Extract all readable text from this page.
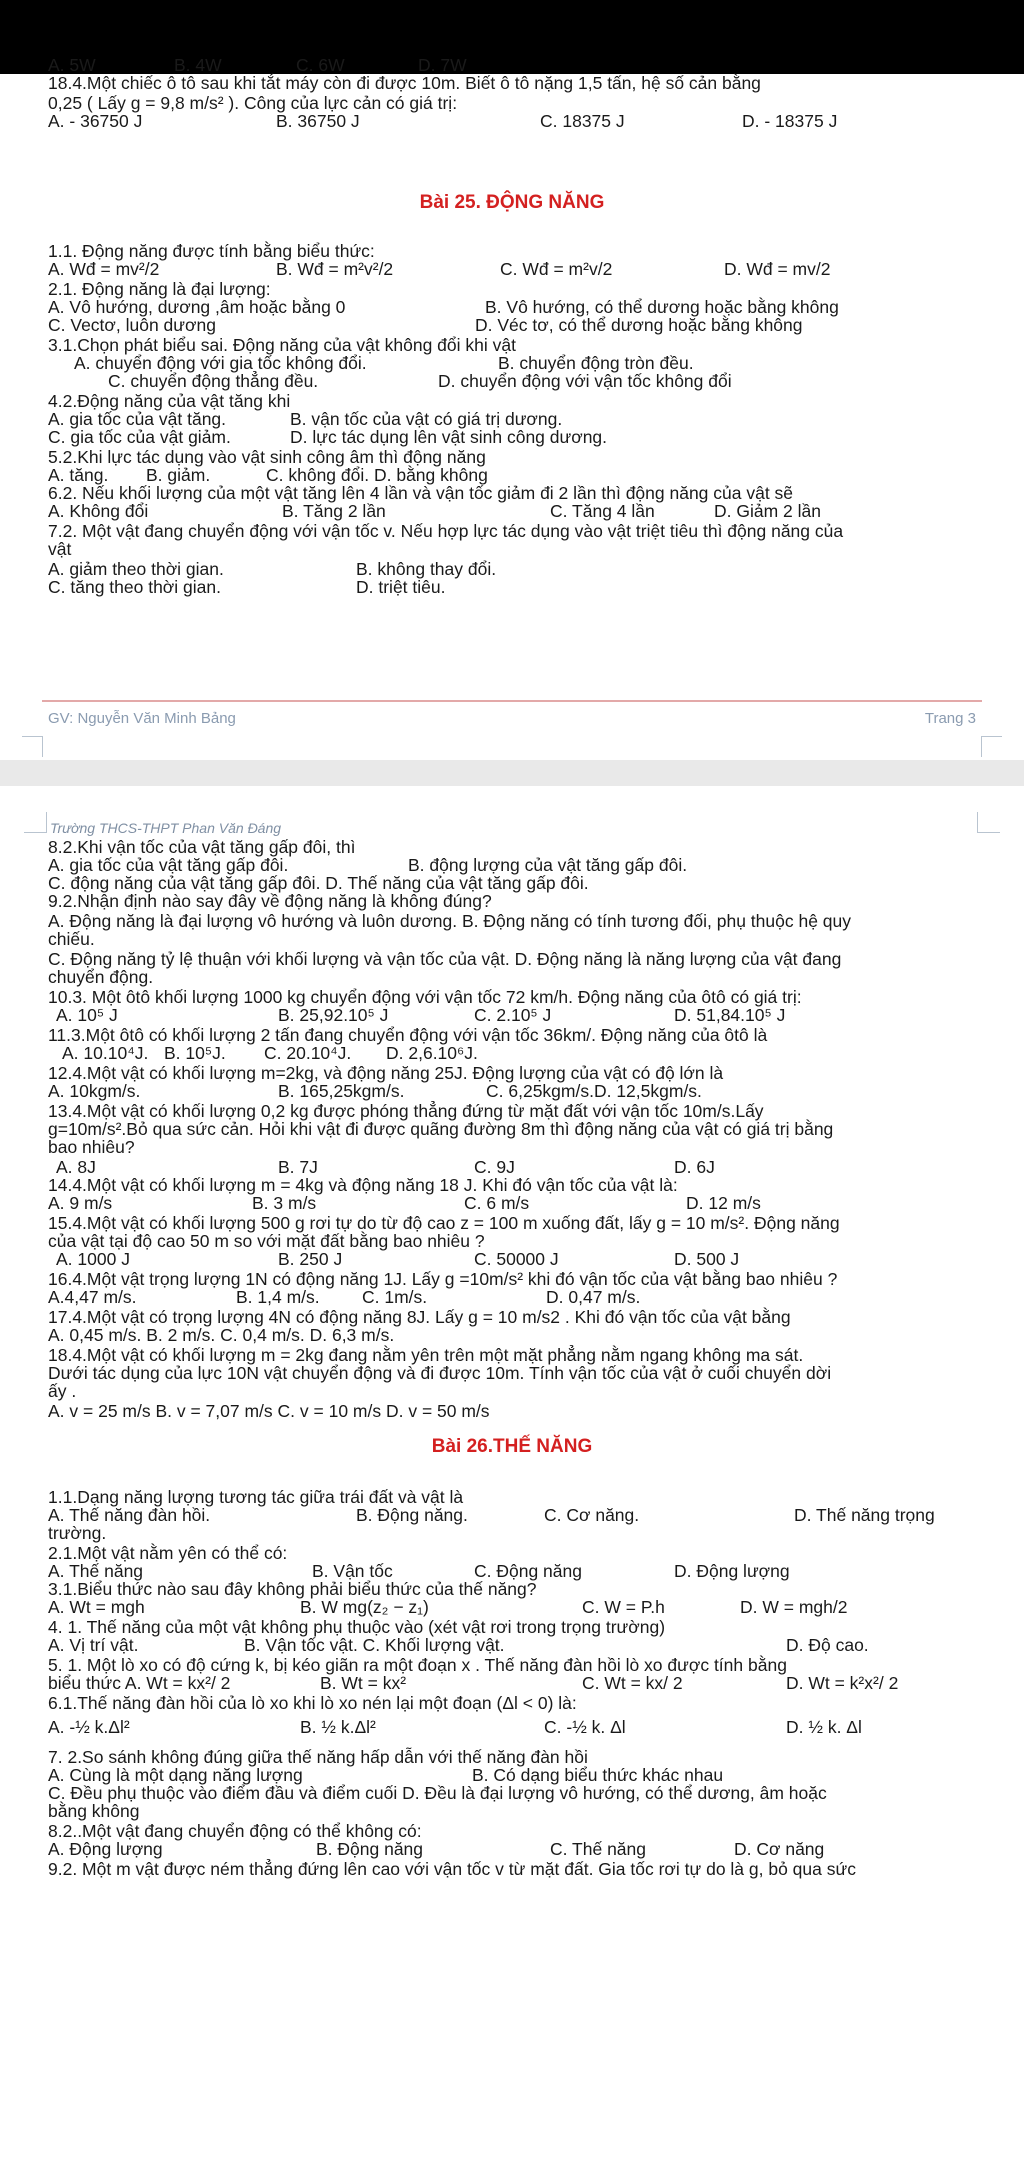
A. 5W	B. 4W	C. 6W	D. 7W
18.4.Một chiếc ô tô sau khi tắt máy còn đi được 10m. Biết ô tô nặng 1,5 tấn, hệ số cản bằng
0,25 ( Lấy g = 9,8 m/s² ). Công của lực cản có giá trị:
A. - 36750 J	B. 36750 J	C. 18375 J	D. - 18375 J
Bài 25. ĐỘNG NĂNG
1.1. Động năng được tính bằng biểu thức:
A. Wđ = mv²/2	B. Wđ = m²v²/2	C. Wđ = m²v/2	D. Wđ = mv/2
2.1. Động năng là đại lượng:
A. Vô hướng, dương ,âm hoặc bằng 0	B. Vô hướng, có thể dương hoặc bằng không
C. Vectơ, luôn dương	D. Véc tơ, có thể dương hoặc bằng không
3.1.Chọn phát biểu sai. Động năng của vật không đổi khi vật
A. chuyển động với gia tốc không đổi.	B. chuyển động tròn đều.
C. chuyển động thẳng đều.	D. chuyển động với vận tốc không đổi
4.2.Động năng của vật tăng khi
A. gia tốc của vật tăng.	B. vận tốc của vật có giá trị dương.
C. gia tốc của vật giảm.	D. lực tác dụng lên vật sinh công dương.
5.2.Khi lực tác dụng vào vật sinh công âm thì động năng
A. tăng. B. giảm.	C. không đổi. D. bằng không
6.2. Nếu khối lượng của một vật tăng lên 4 lần và vận tốc giảm đi 2 lần thì động năng của vật sẽ
A. Không đổi	B. Tăng 2 lần	C. Tăng 4 lần	D. Giảm 2 lần
7.2. Một vật đang chuyển động với vận tốc v. Nếu hợp lực tác dụng vào vật triệt tiêu thì động năng của
vật
A. giảm theo thời gian.	B. không thay đổi.
C. tăng theo thời gian.	D. triệt tiêu.
GV: Nguyễn Văn Minh Bảng	Trang 3
Trường THCS-THPT Phan Văn Đáng
8.2.Khi vận tốc của vật tăng gấp đôi, thì
A. gia tốc của vật tăng gấp đôi.	B. động lượng của vật tăng gấp đôi.
C. động năng của vật tăng gấp đôi. D. Thế năng của vật tăng gấp đôi.
9.2.Nhận định nào say đây về động năng là không đúng?
A. Động năng là đại lượng vô hướng và luôn dương. B. Động năng có tính tương đối, phụ thuộc hệ quy
chiếu.
C. Động năng tỷ lệ thuận với khối lượng và vận tốc của vật. D. Động năng là năng lượng của vật đang
chuyển động.
10.3. Một ôtô khối lượng 1000 kg chuyển động với vận tốc 72 km/h. Động năng của ôtô có giá trị:
A. 10⁵ J	B. 25,92.10⁵ J	C. 2.10⁵ J	D. 51,84.10⁵ J
11.3.Một ôtô có khối lượng 2 tấn đang chuyển động với vận tốc 36km/. Động năng của ôtô là
A. 10.10⁴J. B. 10⁵J. C. 20.10⁴J. D. 2,6.10⁶J.
12.4.Một vật có khối lượng m=2kg, và động năng 25J. Động lượng của vật có độ lớn là
A. 10kgm/s.	B. 165,25kgm/s.	C. 6,25kgm/s.D. 12,5kgm/s.
13.4.Một vật có khối lượng 0,2 kg được phóng thẳng đứng từ mặt đất với vận tốc 10m/s.Lấy
g=10m/s².Bỏ qua sức cản. Hỏi khi vật đi được quãng đường 8m thì động năng của vật có giá trị bằng
bao nhiêu?
A. 8J	B. 7J	C. 9J	D. 6J
14.4.Một vật có khối lượng m = 4kg và động năng 18 J. Khi đó vận tốc của vật là:
A. 9 m/s	B. 3 m/s	C. 6 m/s	D. 12 m/s
15.4.Một vật có khối lượng 500 g rơi tự do từ độ cao z = 100 m xuống đất, lấy g = 10 m/s². Động năng
của vật tại độ cao 50 m so với mặt đất bằng bao nhiêu ?
A. 1000 J	B. 250 J	C. 50000 J	D. 500 J
16.4.Một vật trọng lượng 1N có động năng 1J. Lấy g =10m/s² khi đó vận tốc của vật bằng bao nhiêu ?
A.4,47 m/s.	B. 1,4 m/s. C. 1m/s.	D. 0,47 m/s.
17.4.Một vật có trọng lượng 4N có động năng 8J. Lấy g = 10 m/s2 . Khi đó vận tốc của vật bằng
A. 0,45 m/s. B. 2 m/s. C. 0,4 m/s. D. 6,3 m/s.
18.4.Một vật có khối lượng m = 2kg đang nằm yên trên một mặt phẳng nằm ngang không ma sát.
Dưới tác dụng của lực 10N vật chuyển động và đi được 10m. Tính vận tốc của vật ở cuối chuyển dời
ấy .
A. v = 25 m/s B. v = 7,07 m/s C. v = 10 m/s D. v = 50 m/s
Bài 26.THẾ NĂNG
1.1.Dạng năng lượng tương tác giữa trái đất và vật là
A. Thế năng đàn hồi.	B. Động năng.	C. Cơ năng.	D. Thế năng trọng
trường.
2.1.Một vật nằm yên có thể có:
A. Thế năng	B. Vận tốc	C. Động năng	D. Động lượng
3.1.Biểu thức nào sau đây không phải biểu thức của thế năng?
A. Wt = mgh	B. W mg(z₂ − z₁)	C. W = P.h	D. W = mgh/2
4. 1. Thế năng của một vật không phụ thuộc vào (xét vật rơi trong trọng trường)
A. Vị trí vật.	B. Vận tốc vật. C. Khối lượng vật.	D. Độ cao.
5. 1. Một lò xo có độ cứng k, bị kéo giãn ra một đoạn x . Thế năng đàn hồi lò xo được tính bằng
biểu thức A. Wt = kx²/ 2	B. Wt = kx²	C. Wt = kx/ 2	D. Wt = k²x²/ 2
6.1.Thế năng đàn hồi của lò xo khi lò xo nén lại một đoạn (Δl < 0) là:
A. -½ k.Δl²	B. ½ k.Δl²	C. -½ k. Δl	D. ½ k. Δl
7. 2.So sánh không đúng giữa thế năng hấp dẫn với thế năng đàn hồi
A. Cùng là một dạng năng lượng	B. Có dạng biểu thức khác nhau
C. Đều phụ thuộc vào điểm đầu và điểm cuối D. Đều là đại lượng vô hướng, có thể dương, âm hoặc
bằng không
8.2..Một vật đang chuyển động có thể không có:
A. Động lượng	B. Động năng	C. Thế năng	D. Cơ năng
9.2. Một m vật được ném thẳng đứng lên cao với vận tốc v từ mặt đất. Gia tốc rơi tự do là g, bỏ qua sức
